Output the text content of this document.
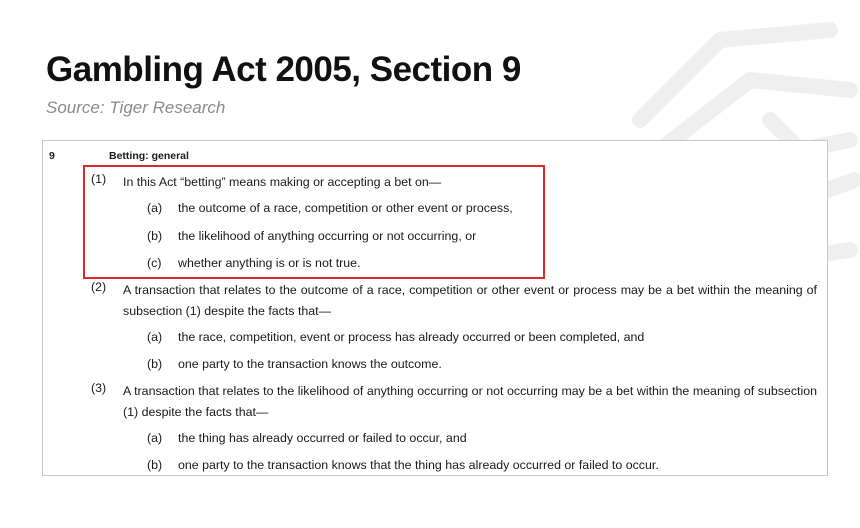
Gambling Act 2005, Section 9
Source: Tiger Research
9	Betting: general
(1) In this Act “betting” means making or accepting a bet on—
(a) the outcome of a race, competition or other event or process,
(b) the likelihood of anything occurring or not occurring, or
(c) whether anything is or is not true.
(2) A transaction that relates to the outcome of a race, competition or other event or process may be a bet within the meaning of subsection (1) despite the facts that—
(a) the race, competition, event or process has already occurred or been completed, and
(b) one party to the transaction knows the outcome.
(3) A transaction that relates to the likelihood of anything occurring or not occurring may be a bet within the meaning of subsection (1) despite the facts that—
(a) the thing has already occurred or failed to occur, and
(b) one party to the transaction knows that the thing has already occurred or failed to occur.
